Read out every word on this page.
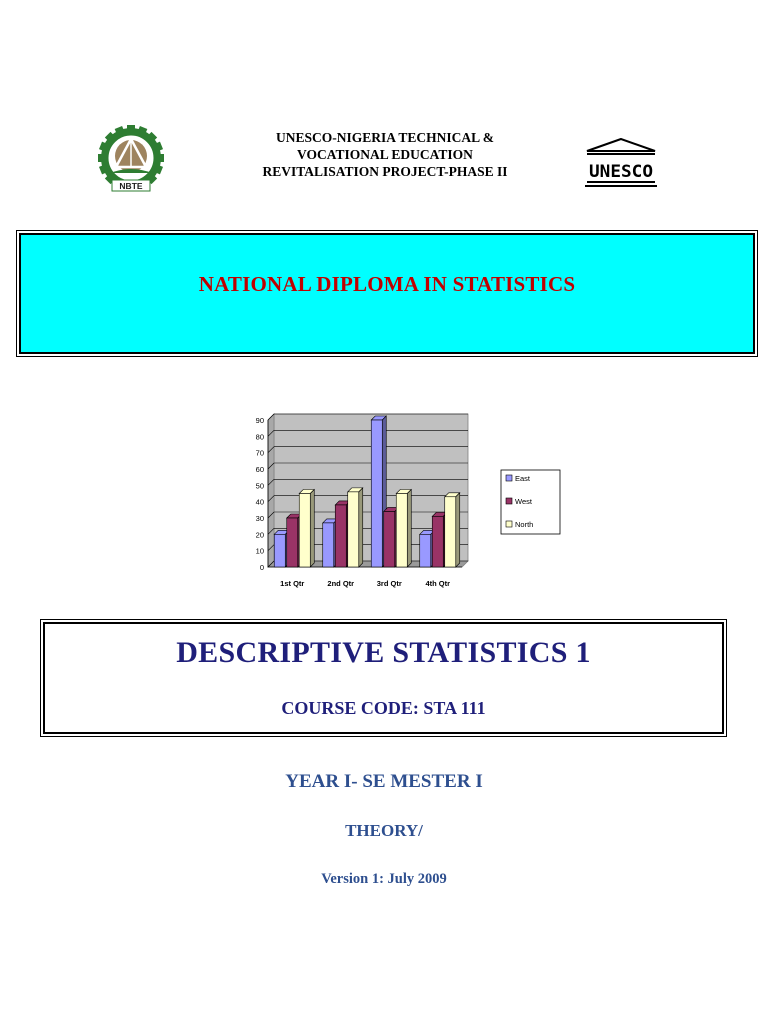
NBTE
UNESCO-NIGERIA TECHNICAL &
VOCATIONAL EDUCATION
REVITALISATION PROJECT-PHASE II	UNESCO
NATIONAL DIPLOMA IN STATISTICS
0
10
20
30
40
50
60
70
80
90
1st Qtr	2nd Qtr	3rd Qtr	4th Qtr
East
West
North
DESCRIPTIVE STATISTICS 1
COURSE CODE: STA 111
YEAR I- SE MESTER I
THEORY/
Version 1: July 2009
